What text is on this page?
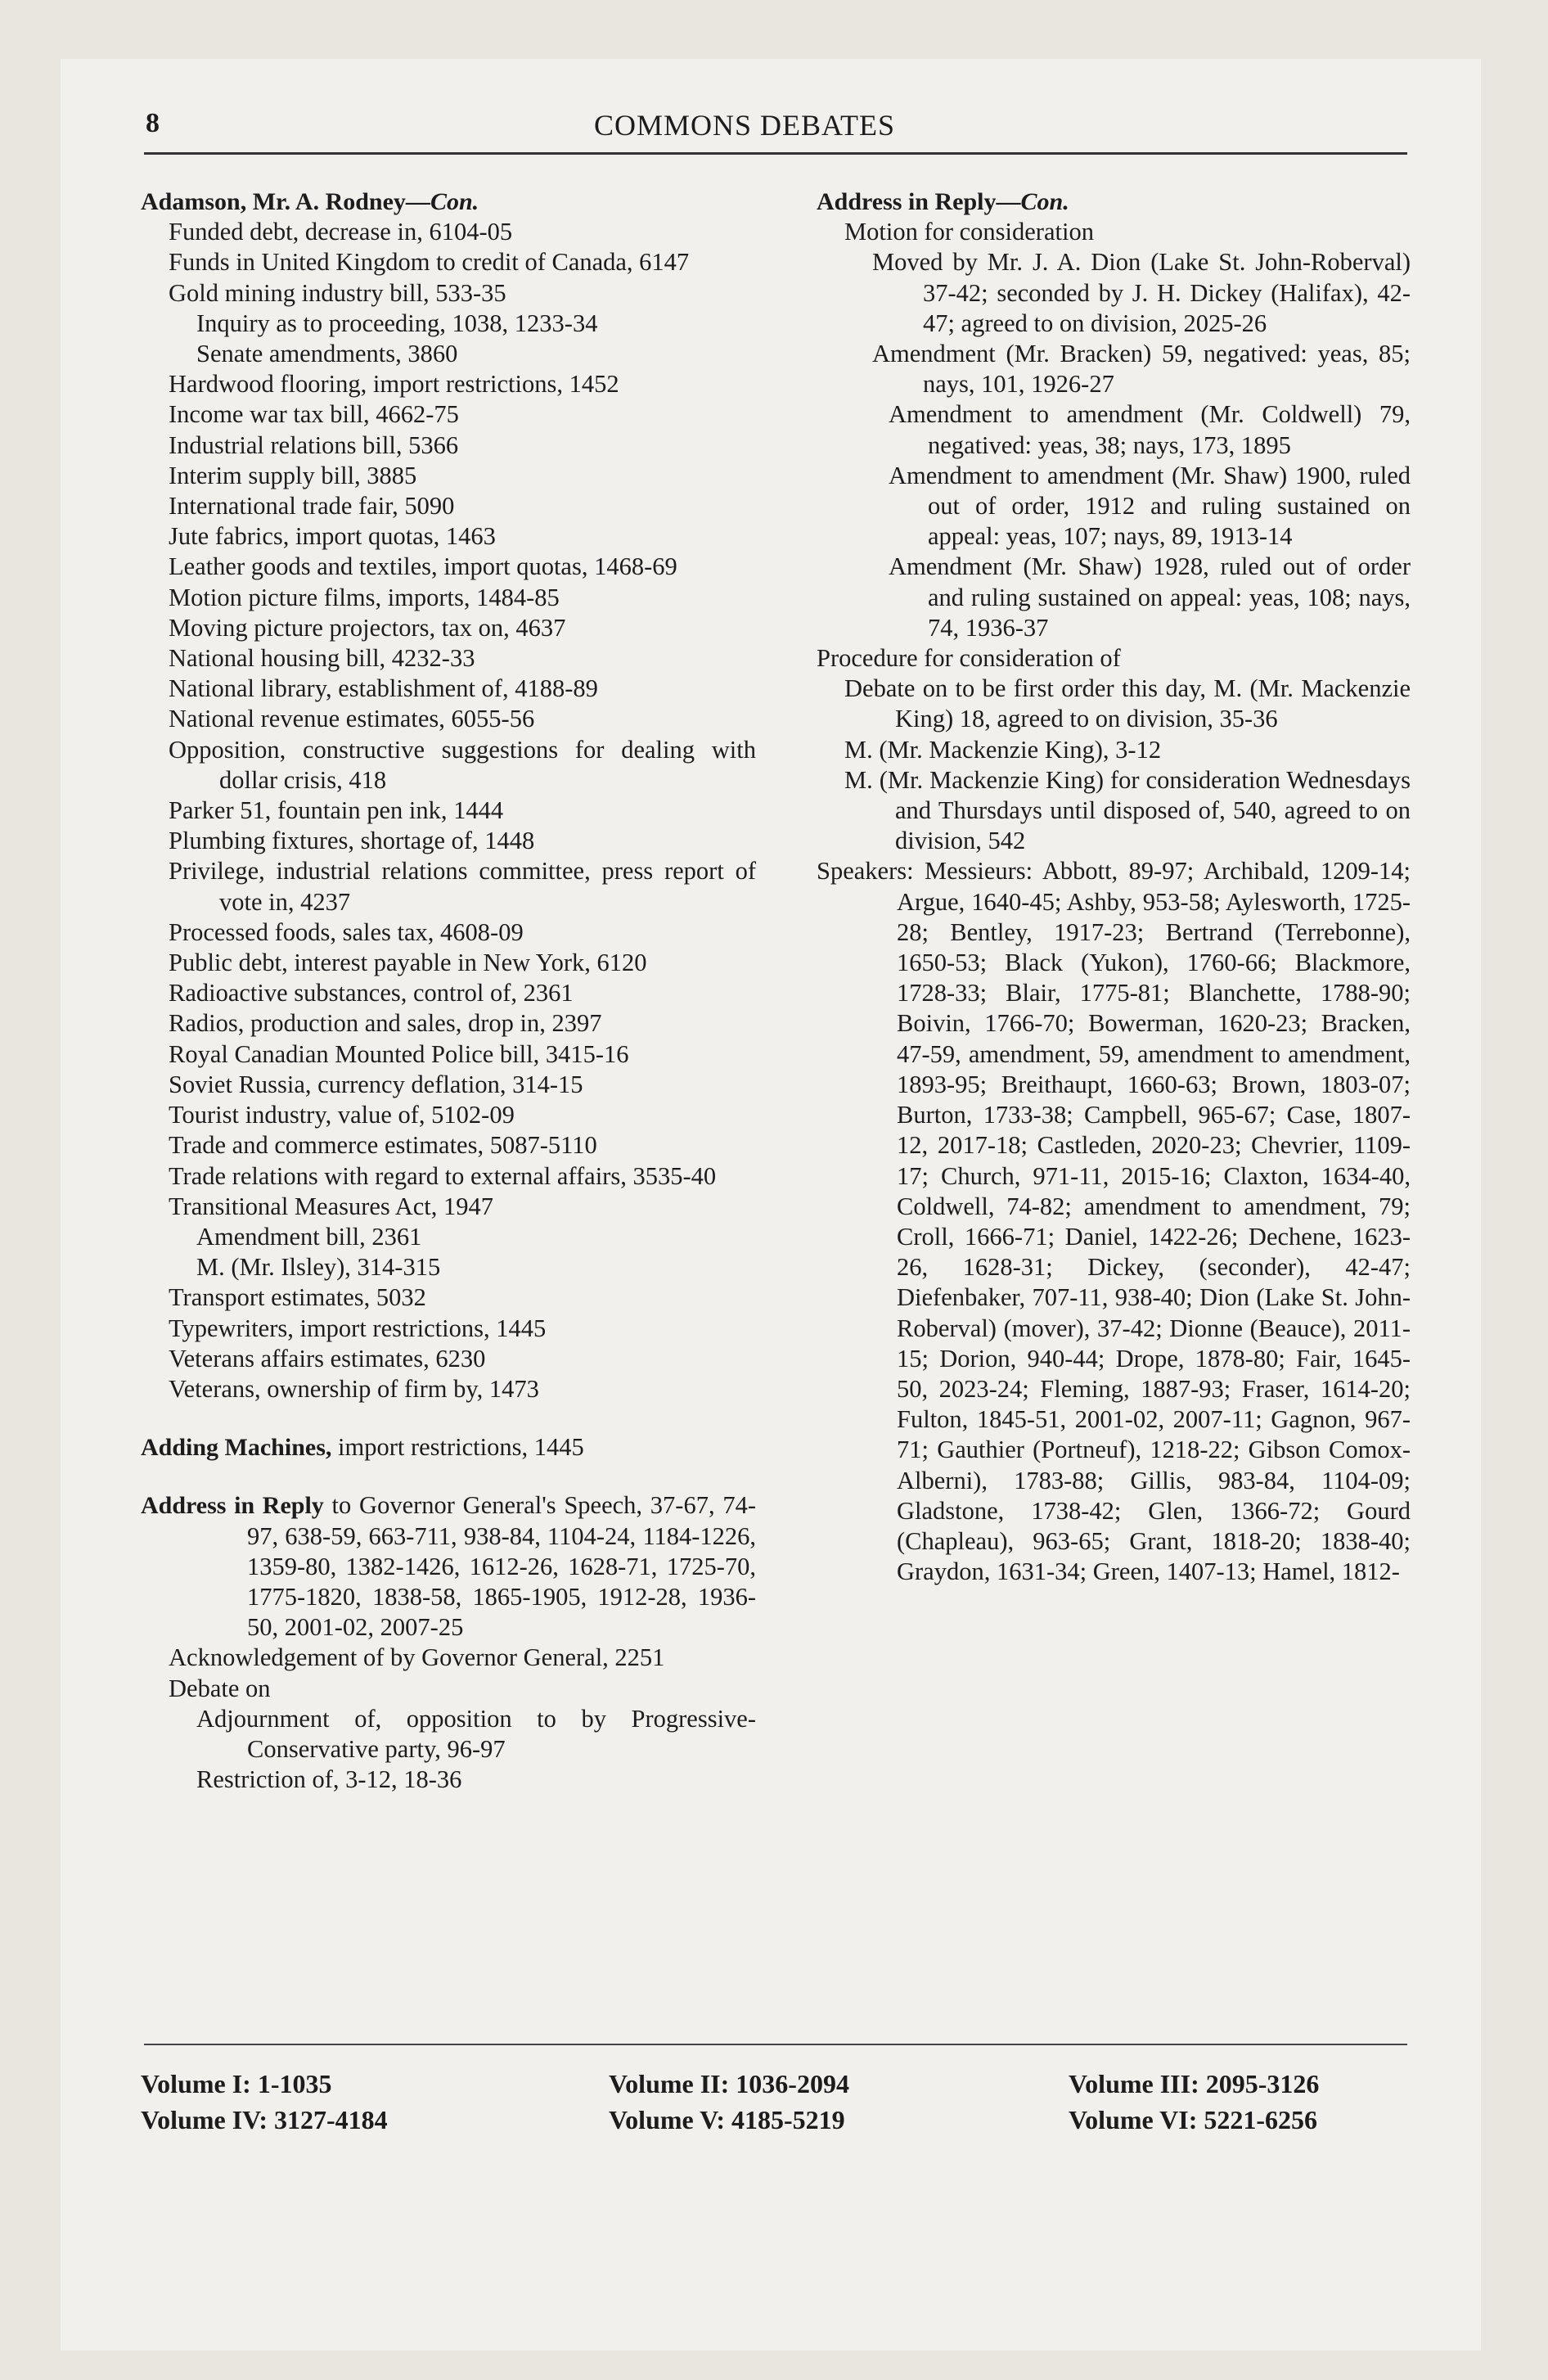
8	COMMONS DEBATES

Adamson, Mr. A. Rodney—Con.

Funded debt, decrease in, 6104-05

Funds in United Kingdom to credit of Canada, 6147

Gold mining industry bill, 533-35

Inquiry as to proceeding, 1038, 1233-34

Senate amendments, 3860

Hardwood flooring, import restrictions, 1452

Income war tax bill, 4662-75

Industrial relations bill, 5366

Interim supply bill, 3885

International trade fair, 5090

Jute fabrics, import quotas, 1463

Leather goods and textiles, import quotas, 1468-69

Motion picture films, imports, 1484-85

Moving picture projectors, tax on, 4637

National housing bill, 4232-33

National library, establishment of, 4188-89

National revenue estimates, 6055-56

Opposition, constructive suggestions for dealing with dollar crisis, 418

Parker 51, fountain pen ink, 1444

Plumbing fixtures, shortage of, 1448

Privilege, industrial relations committee, press report of vote in, 4237

Processed foods, sales tax, 4608-09

Public debt, interest payable in New York, 6120

Radioactive substances, control of, 2361

Radios, production and sales, drop in, 2397

Royal Canadian Mounted Police bill, 3415-16

Soviet Russia, currency deflation, 314-15

Tourist industry, value of, 5102-09

Trade and commerce estimates, 5087-5110

Trade relations with regard to external affairs, 3535-40

Transitional Measures Act, 1947

Amendment bill, 2361

M. (Mr. Ilsley), 314-315

Transport estimates, 5032

Typewriters, import restrictions, 1445

Veterans affairs estimates, 6230

Veterans, ownership of firm by, 1473

Adding Machines, import restrictions, 1445

Address in Reply to Governor General's Speech, 37-67, 74-97, 638-59, 663-711, 938-84, 1104-24, 1184-1226, 1359-80, 1382-1426, 1612-26, 1628-71, 1725-70, 1775-1820, 1838-58, 1865-1905, 1912-28, 1936-50, 2001-02, 2007-25

Acknowledgement of by Governor General, 2251

Debate on

Adjournment of, opposition to by Progressive-Conservative party, 96-97

Restriction of, 3-12, 18-36

Address in Reply—Con.

Motion for consideration

Moved by Mr. J. A. Dion (Lake St. John-Roberval) 37-42; seconded by J. H. Dickey (Halifax), 42-47; agreed to on division, 2025-26

Amendment (Mr. Bracken) 59, negatived: yeas, 85; nays, 101, 1926-27

Amendment to amendment (Mr. Coldwell) 79, negatived: yeas, 38; nays, 173, 1895

Amendment to amendment (Mr. Shaw) 1900, ruled out of order, 1912 and ruling sustained on appeal: yeas, 107; nays, 89, 1913-14

Amendment (Mr. Shaw) 1928, ruled out of order and ruling sustained on appeal: yeas, 108; nays, 74, 1936-37

Procedure for consideration of

Debate on to be first order this day, M. (Mr. Mackenzie King) 18, agreed to on division, 35-36

M. (Mr. Mackenzie King), 3-12

M. (Mr. Mackenzie King) for consideration Wednesdays and Thursdays until disposed of, 540, agreed to on division, 542

Speakers: Messieurs: Abbott, 89-97; Archibald, 1209-14; Argue, 1640-45; Ashby, 953-58; Aylesworth, 1725-28; Bentley, 1917-23; Bertrand (Terrebonne), 1650-53; Black (Yukon), 1760-66; Blackmore, 1728-33; Blair, 1775-81; Blanchette, 1788-90; Boivin, 1766-70; Bowerman, 1620-23; Bracken, 47-59, amendment, 59, amendment to amendment, 1893-95; Breithaupt, 1660-63; Brown, 1803-07; Burton, 1733-38; Campbell, 965-67; Case, 1807-12, 2017-18; Castleden, 2020-23; Chevrier, 1109-17; Church, 971-11, 2015-16; Claxton, 1634-40, Coldwell, 74-82; amendment to amendment, 79; Croll, 1666-71; Daniel, 1422-26; Dechene, 1623-26, 1628-31; Dickey, (seconder), 42-47; Diefenbaker, 707-11, 938-40; Dion (Lake St. John-Roberval) (mover), 37-42; Dionne (Beauce), 2011-15; Dorion, 940-44; Drope, 1878-80; Fair, 1645-50, 2023-24; Fleming, 1887-93; Fraser, 1614-20; Fulton, 1845-51, 2001-02, 2007-11; Gagnon, 967-71; Gauthier (Portneuf), 1218-22; Gibson Comox-Alberni), 1783-88; Gillis, 983-84, 1104-09; Gladstone, 1738-42; Glen, 1366-72; Gourd (Chapleau), 963-65; Grant, 1818-20; 1838-40; Graydon, 1631-34; Green, 1407-13; Hamel, 1812-

Volume I: 1-1035
Volume IV: 3127-4184
Volume II: 1036-2094
Volume V: 4185-5219
Volume III: 2095-3126
Volume VI: 5221-6256
